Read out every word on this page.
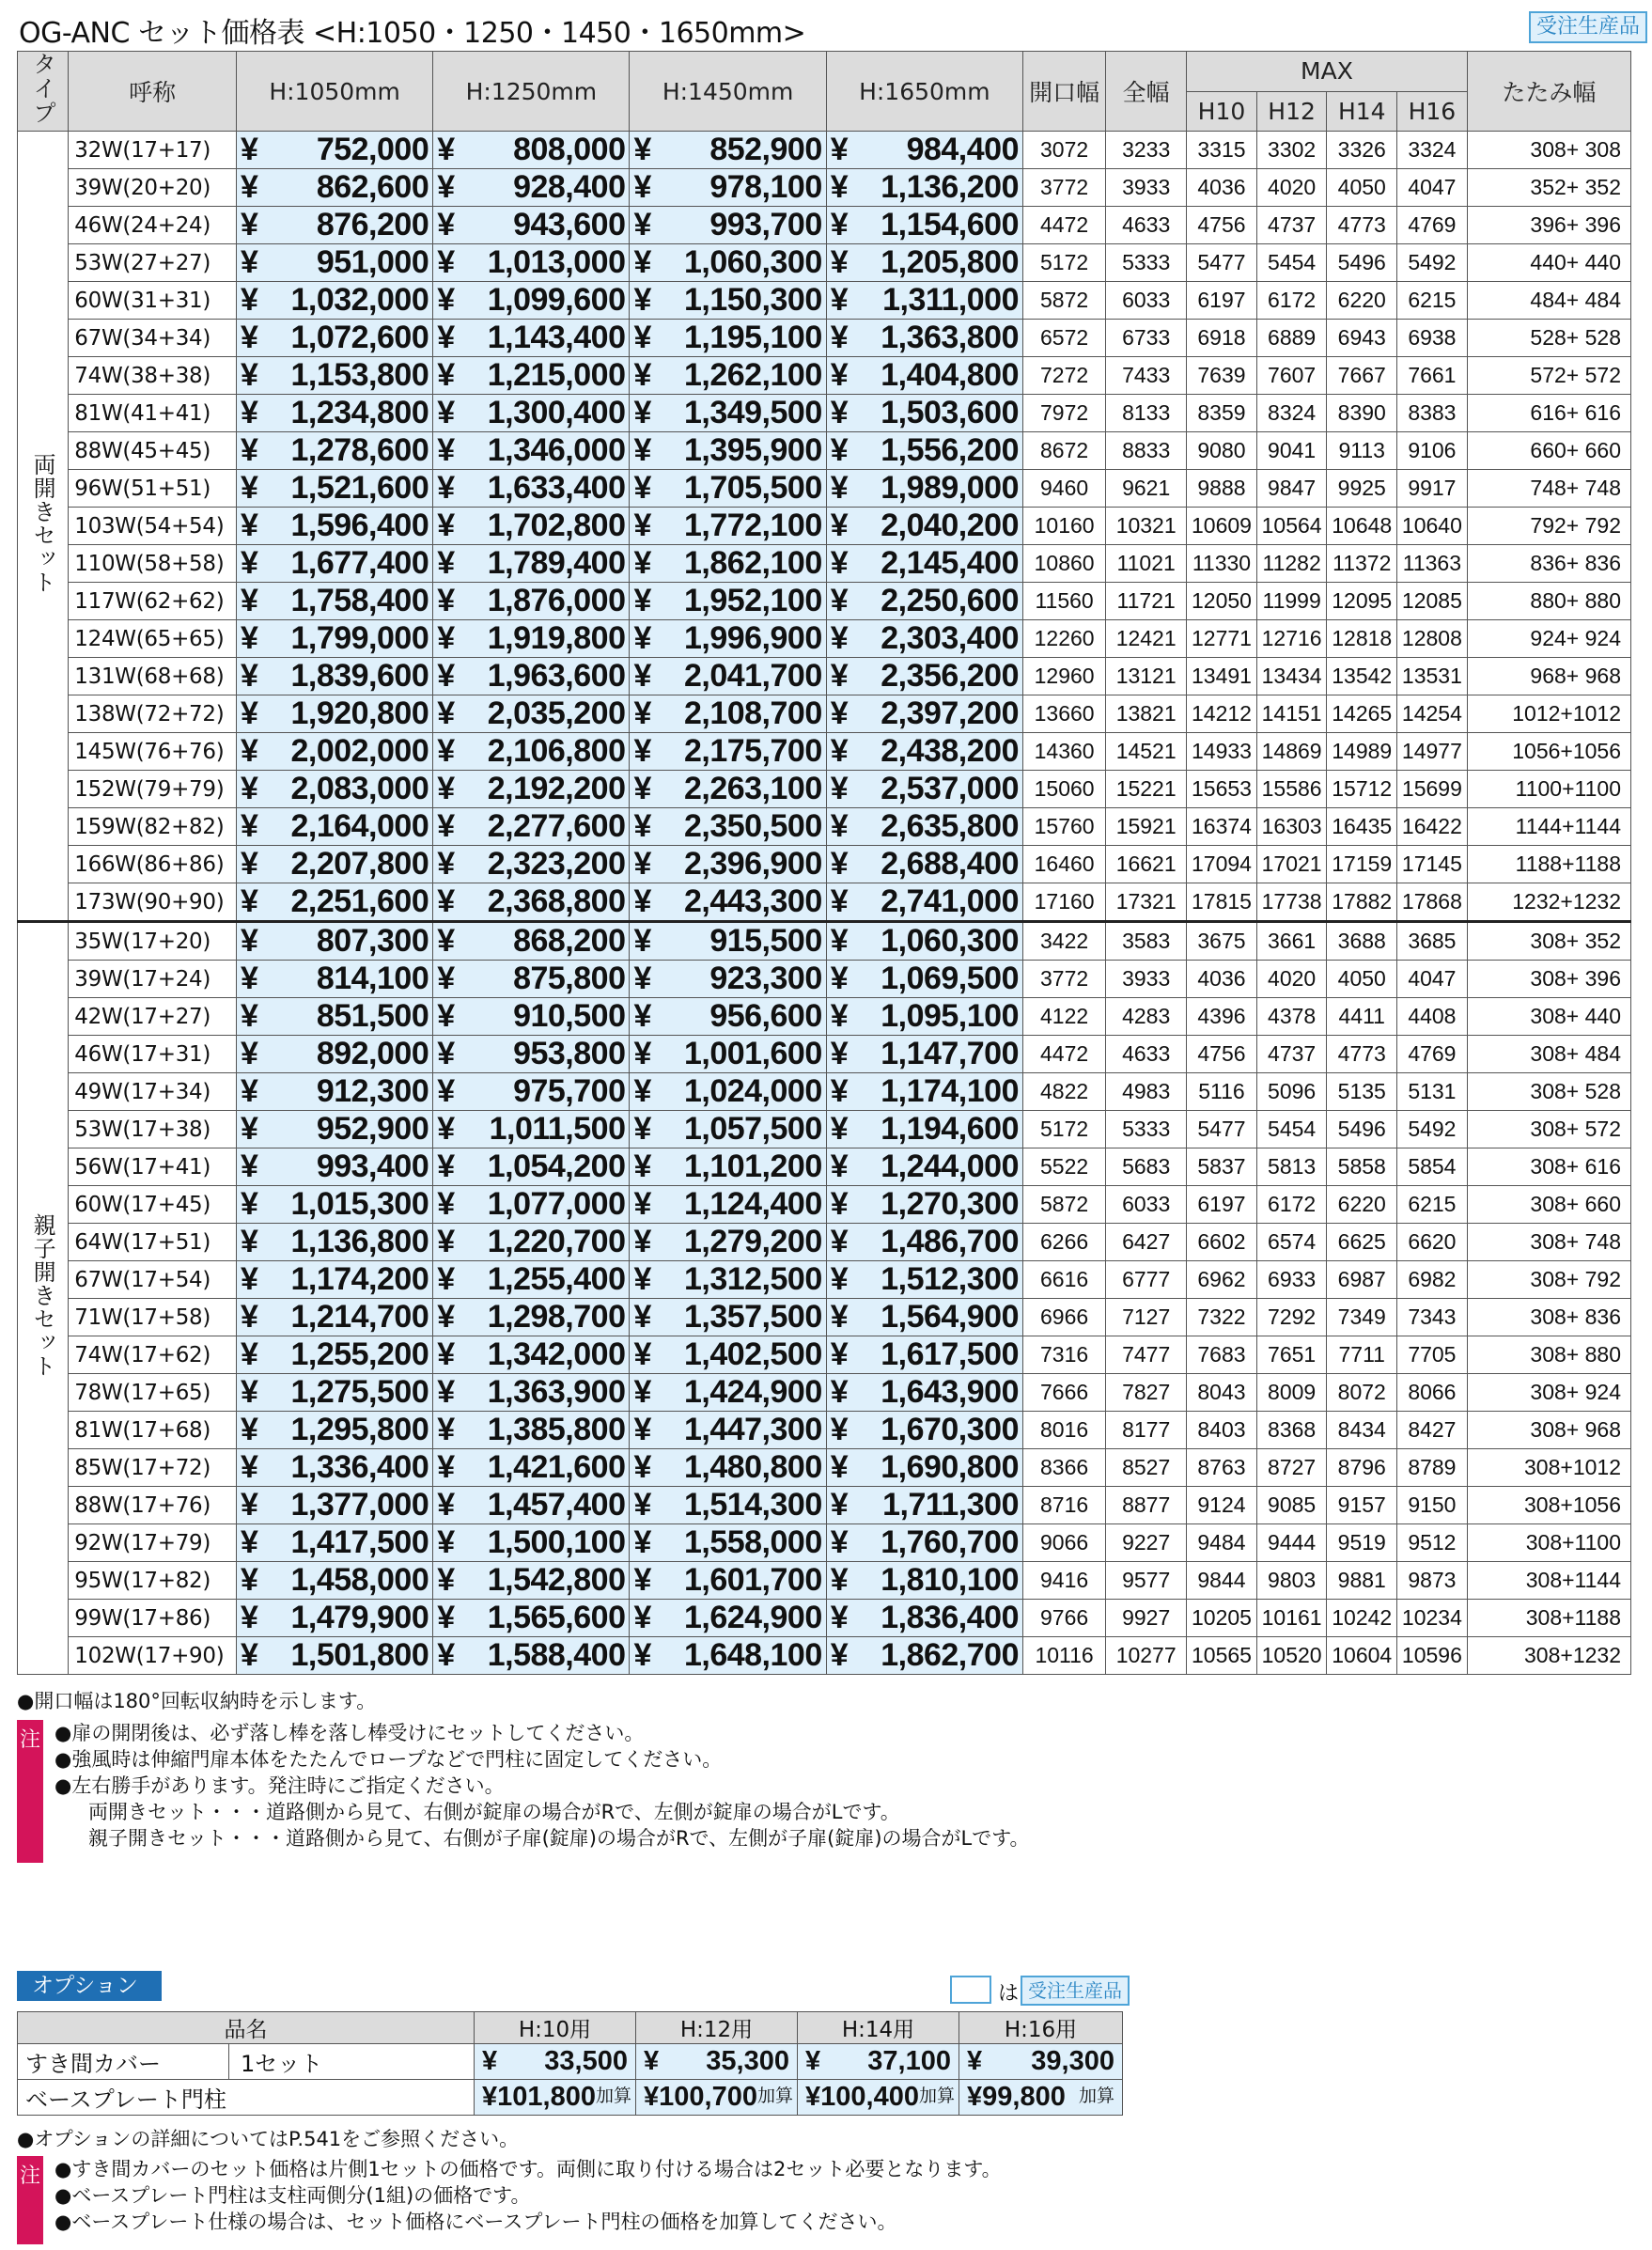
OG-ANC セット価格表 <H:1050・1250・1450・1650mm>	受注生産品
タイプ	呼称	H:1050mm	H:1250mm	H:1450mm	H:1650mm	開口幅	全幅	MAX				たたみ幅
								H10	H12	H14	H16	
両開きセット	32W(17+17)	¥ 752,000	¥ 808,000	¥ 852,900	¥ 984,400	3072	3233	3315	3302	3326	3324	308+ 308
	39W(20+20)	¥ 862,600	¥ 928,400	¥ 978,100	¥ 1,136,200	3772	3933	4036	4020	4050	4047	352+ 352
	46W(24+24)	¥ 876,200	¥ 943,600	¥ 993,700	¥ 1,154,600	4472	4633	4756	4737	4773	4769	396+ 396
	53W(27+27)	¥ 951,000	¥ 1,013,000	¥ 1,060,300	¥ 1,205,800	5172	5333	5477	5454	5496	5492	440+ 440
	60W(31+31)	¥ 1,032,000	¥ 1,099,600	¥ 1,150,300	¥ 1,311,000	5872	6033	6197	6172	6220	6215	484+ 484
	67W(34+34)	¥ 1,072,600	¥ 1,143,400	¥ 1,195,100	¥ 1,363,800	6572	6733	6918	6889	6943	6938	528+ 528
	74W(38+38)	¥ 1,153,800	¥ 1,215,000	¥ 1,262,100	¥ 1,404,800	7272	7433	7639	7607	7667	7661	572+ 572
	81W(41+41)	¥ 1,234,800	¥ 1,300,400	¥ 1,349,500	¥ 1,503,600	7972	8133	8359	8324	8390	8383	616+ 616
	88W(45+45)	¥ 1,278,600	¥ 1,346,000	¥ 1,395,900	¥ 1,556,200	8672	8833	9080	9041	9113	9106	660+ 660
	96W(51+51)	¥ 1,521,600	¥ 1,633,400	¥ 1,705,500	¥ 1,989,000	9460	9621	9888	9847	9925	9917	748+ 748
	103W(54+54)	¥ 1,596,400	¥ 1,702,800	¥ 1,772,100	¥ 2,040,200	10160	10321	10609	10564	10648	10640	792+ 792
	110W(58+58)	¥ 1,677,400	¥ 1,789,400	¥ 1,862,100	¥ 2,145,400	10860	11021	11330	11282	11372	11363	836+ 836
	117W(62+62)	¥ 1,758,400	¥ 1,876,000	¥ 1,952,100	¥ 2,250,600	11560	11721	12050	11999	12095	12085	880+ 880
	124W(65+65)	¥ 1,799,000	¥ 1,919,800	¥ 1,996,900	¥ 2,303,400	12260	12421	12771	12716	12818	12808	924+ 924
	131W(68+68)	¥ 1,839,600	¥ 1,963,600	¥ 2,041,700	¥ 2,356,200	12960	13121	13491	13434	13542	13531	968+ 968
	138W(72+72)	¥ 1,920,800	¥ 2,035,200	¥ 2,108,700	¥ 2,397,200	13660	13821	14212	14151	14265	14254	1012+1012
	145W(76+76)	¥ 2,002,000	¥ 2,106,800	¥ 2,175,700	¥ 2,438,200	14360	14521	14933	14869	14989	14977	1056+1056
	152W(79+79)	¥ 2,083,000	¥ 2,192,200	¥ 2,263,100	¥ 2,537,000	15060	15221	15653	15586	15712	15699	1100+1100
	159W(82+82)	¥ 2,164,000	¥ 2,277,600	¥ 2,350,500	¥ 2,635,800	15760	15921	16374	16303	16435	16422	1144+1144
	166W(86+86)	¥ 2,207,800	¥ 2,323,200	¥ 2,396,900	¥ 2,688,400	16460	16621	17094	17021	17159	17145	1188+1188
	173W(90+90)	¥ 2,251,600	¥ 2,368,800	¥ 2,443,300	¥ 2,741,000	17160	17321	17815	17738	17882	17868	1232+1232
親子開きセット	35W(17+20)	¥ 807,300	¥ 868,200	¥ 915,500	¥ 1,060,300	3422	3583	3675	3661	3688	3685	308+ 352
	39W(17+24)	¥ 814,100	¥ 875,800	¥ 923,300	¥ 1,069,500	3772	3933	4036	4020	4050	4047	308+ 396
	42W(17+27)	¥ 851,500	¥ 910,500	¥ 956,600	¥ 1,095,100	4122	4283	4396	4378	4411	4408	308+ 440
	46W(17+31)	¥ 892,000	¥ 953,800	¥ 1,001,600	¥ 1,147,700	4472	4633	4756	4737	4773	4769	308+ 484
	49W(17+34)	¥ 912,300	¥ 975,700	¥ 1,024,000	¥ 1,174,100	4822	4983	5116	5096	5135	5131	308+ 528
	53W(17+38)	¥ 952,900	¥ 1,011,500	¥ 1,057,500	¥ 1,194,600	5172	5333	5477	5454	5496	5492	308+ 572
	56W(17+41)	¥ 993,400	¥ 1,054,200	¥ 1,101,200	¥ 1,244,000	5522	5683	5837	5813	5858	5854	308+ 616
	60W(17+45)	¥ 1,015,300	¥ 1,077,000	¥ 1,124,400	¥ 1,270,300	5872	6033	6197	6172	6220	6215	308+ 660
	64W(17+51)	¥ 1,136,800	¥ 1,220,700	¥ 1,279,200	¥ 1,486,700	6266	6427	6602	6574	6625	6620	308+ 748
	67W(17+54)	¥ 1,174,200	¥ 1,255,400	¥ 1,312,500	¥ 1,512,300	6616	6777	6962	6933	6987	6982	308+ 792
	71W(17+58)	¥ 1,214,700	¥ 1,298,700	¥ 1,357,500	¥ 1,564,900	6966	7127	7322	7292	7349	7343	308+ 836
	74W(17+62)	¥ 1,255,200	¥ 1,342,000	¥ 1,402,500	¥ 1,617,500	7316	7477	7683	7651	7711	7705	308+ 880
	78W(17+65)	¥ 1,275,500	¥ 1,363,900	¥ 1,424,900	¥ 1,643,900	7666	7827	8043	8009	8072	8066	308+ 924
	81W(17+68)	¥ 1,295,800	¥ 1,385,800	¥ 1,447,300	¥ 1,670,300	8016	8177	8403	8368	8434	8427	308+ 968
	85W(17+72)	¥ 1,336,400	¥ 1,421,600	¥ 1,480,800	¥ 1,690,800	8366	8527	8763	8727	8796	8789	308+1012
	88W(17+76)	¥ 1,377,000	¥ 1,457,400	¥ 1,514,300	¥ 1,711,300	8716	8877	9124	9085	9157	9150	308+1056
	92W(17+79)	¥ 1,417,500	¥ 1,500,100	¥ 1,558,000	¥ 1,760,700	9066	9227	9484	9444	9519	9512	308+1100
	95W(17+82)	¥ 1,458,000	¥ 1,542,800	¥ 1,601,700	¥ 1,810,100	9416	9577	9844	9803	9881	9873	308+1144
	99W(17+86)	¥ 1,479,900	¥ 1,565,600	¥ 1,624,900	¥ 1,836,400	9766	9927	10205	10161	10242	10234	308+1188
	102W(17+90)	¥ 1,501,800	¥ 1,588,400	¥ 1,648,100	¥ 1,862,700	10116	10277	10565	10520	10604	10596	308+1232

●開口幅は180°回転収納時を示します。

注 ●扉の開閉後は、必ず落し棒を落し棒受けにセットしてください。

●強風時は伸縮門扉本体をたたんでロープなどで門柱に固定してください。

●左右勝手があります。発注時にご指定ください。

両開きセット・・・道路側から見て、右側が錠扉の場合がRで、左側が錠扉の場合がLです。

親子開きセット・・・道路側から見て、右側が子扉(錠扉)の場合がRで、左側が子扉(錠扉)の場合がLです。

オプション	は 受注生産品
品名		H:10用	H:12用	H:14用	H:16用
すき間カバー	1セット	¥ 33,500	¥ 35,300	¥ 37,100	¥ 39,300

ベースプレート門柱		¥101,800 加算	¥100,700 加算	¥100,400 加算	¥99,800 加算

●オプションの詳細についてはP.541をご参照ください。

注 ●すき間カバーのセット価格は片側1セットの価格です。両側に取り付ける場合は2セット必要となります。

●ベースプレート門柱は支柱両側分(1組)の価格です。

●ベースプレート仕様の場合は、セット価格にベースプレート門柱の価格を加算してください。
